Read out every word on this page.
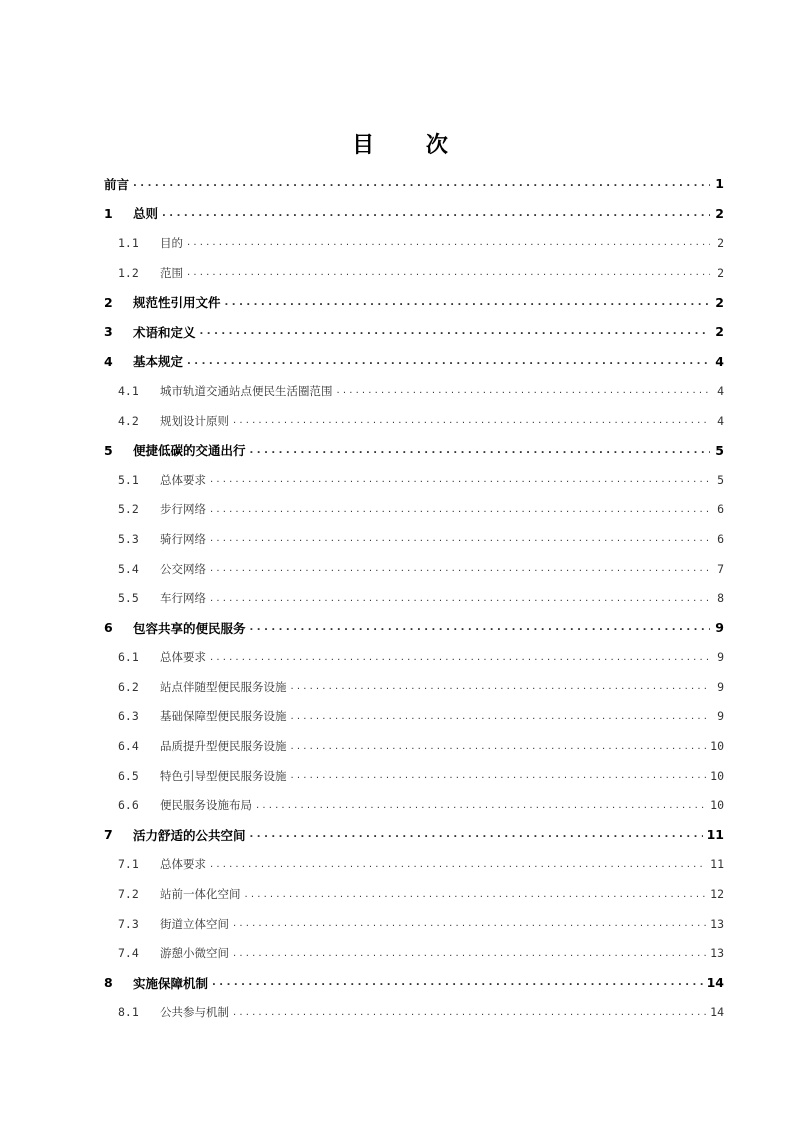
目 次
前言 . . .	1
1	总则 . . .	2
1.1	目的 . . .	2
1.2	范围 . . .	2
2	规范性引用文件 . . .	2
3	术语和定义 . . .	2
4	基本规定 . . .	4
4.1	城市轨道交通站点便民生活圈范围 . . .	4
4.2	规划设计原则 . . .	4
5	便捷低碳的交通出行 . . .	5
5.1	总体要求 . . .	5
5.2	步行网络 . . .	6
5.3	骑行网络 . . .	6
5.4	公交网络 . . .	7
5.5	车行网络 . . .	8
6	包容共享的便民服务 . . .	9
6.1	总体要求 . . .	9
6.2	站点伴随型便民服务设施 . . .	9
6.3	基础保障型便民服务设施 . . .	9
6.4	品质提升型便民服务设施 . . .	10
6.5	特色引导型便民服务设施 . . .	10
6.6	便民服务设施布局 . . .	10
7	活力舒适的公共空间 . . .	11
7.1	总体要求 . . .	11
7.2	站前一体化空间 . . .	12
7.3	街道立体空间 . . .	13
7.4	游憩小微空间 . . .	13
8	实施保障机制 . . .	14
8.1	公共参与机制 . . .	14
